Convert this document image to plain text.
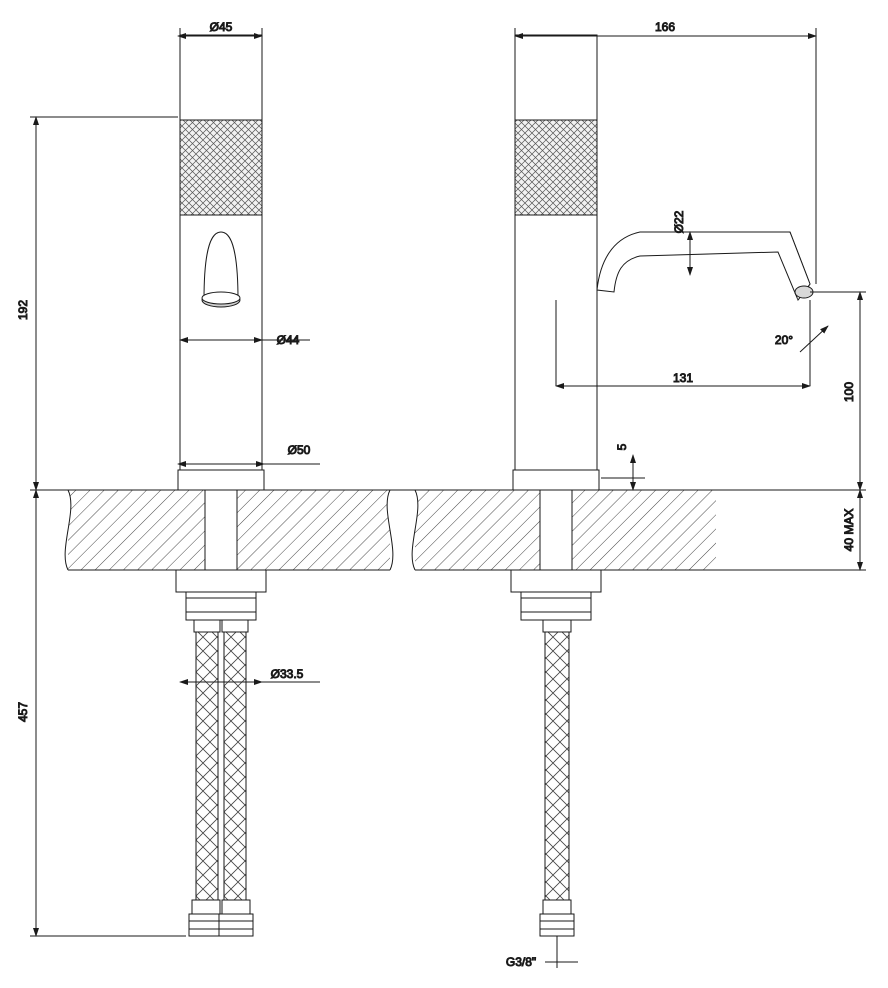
Ø45
192
Ø44
Ø50
Ø33.5
457
166
Ø22
131
20°
100
5
40 MAX
G3/8"
